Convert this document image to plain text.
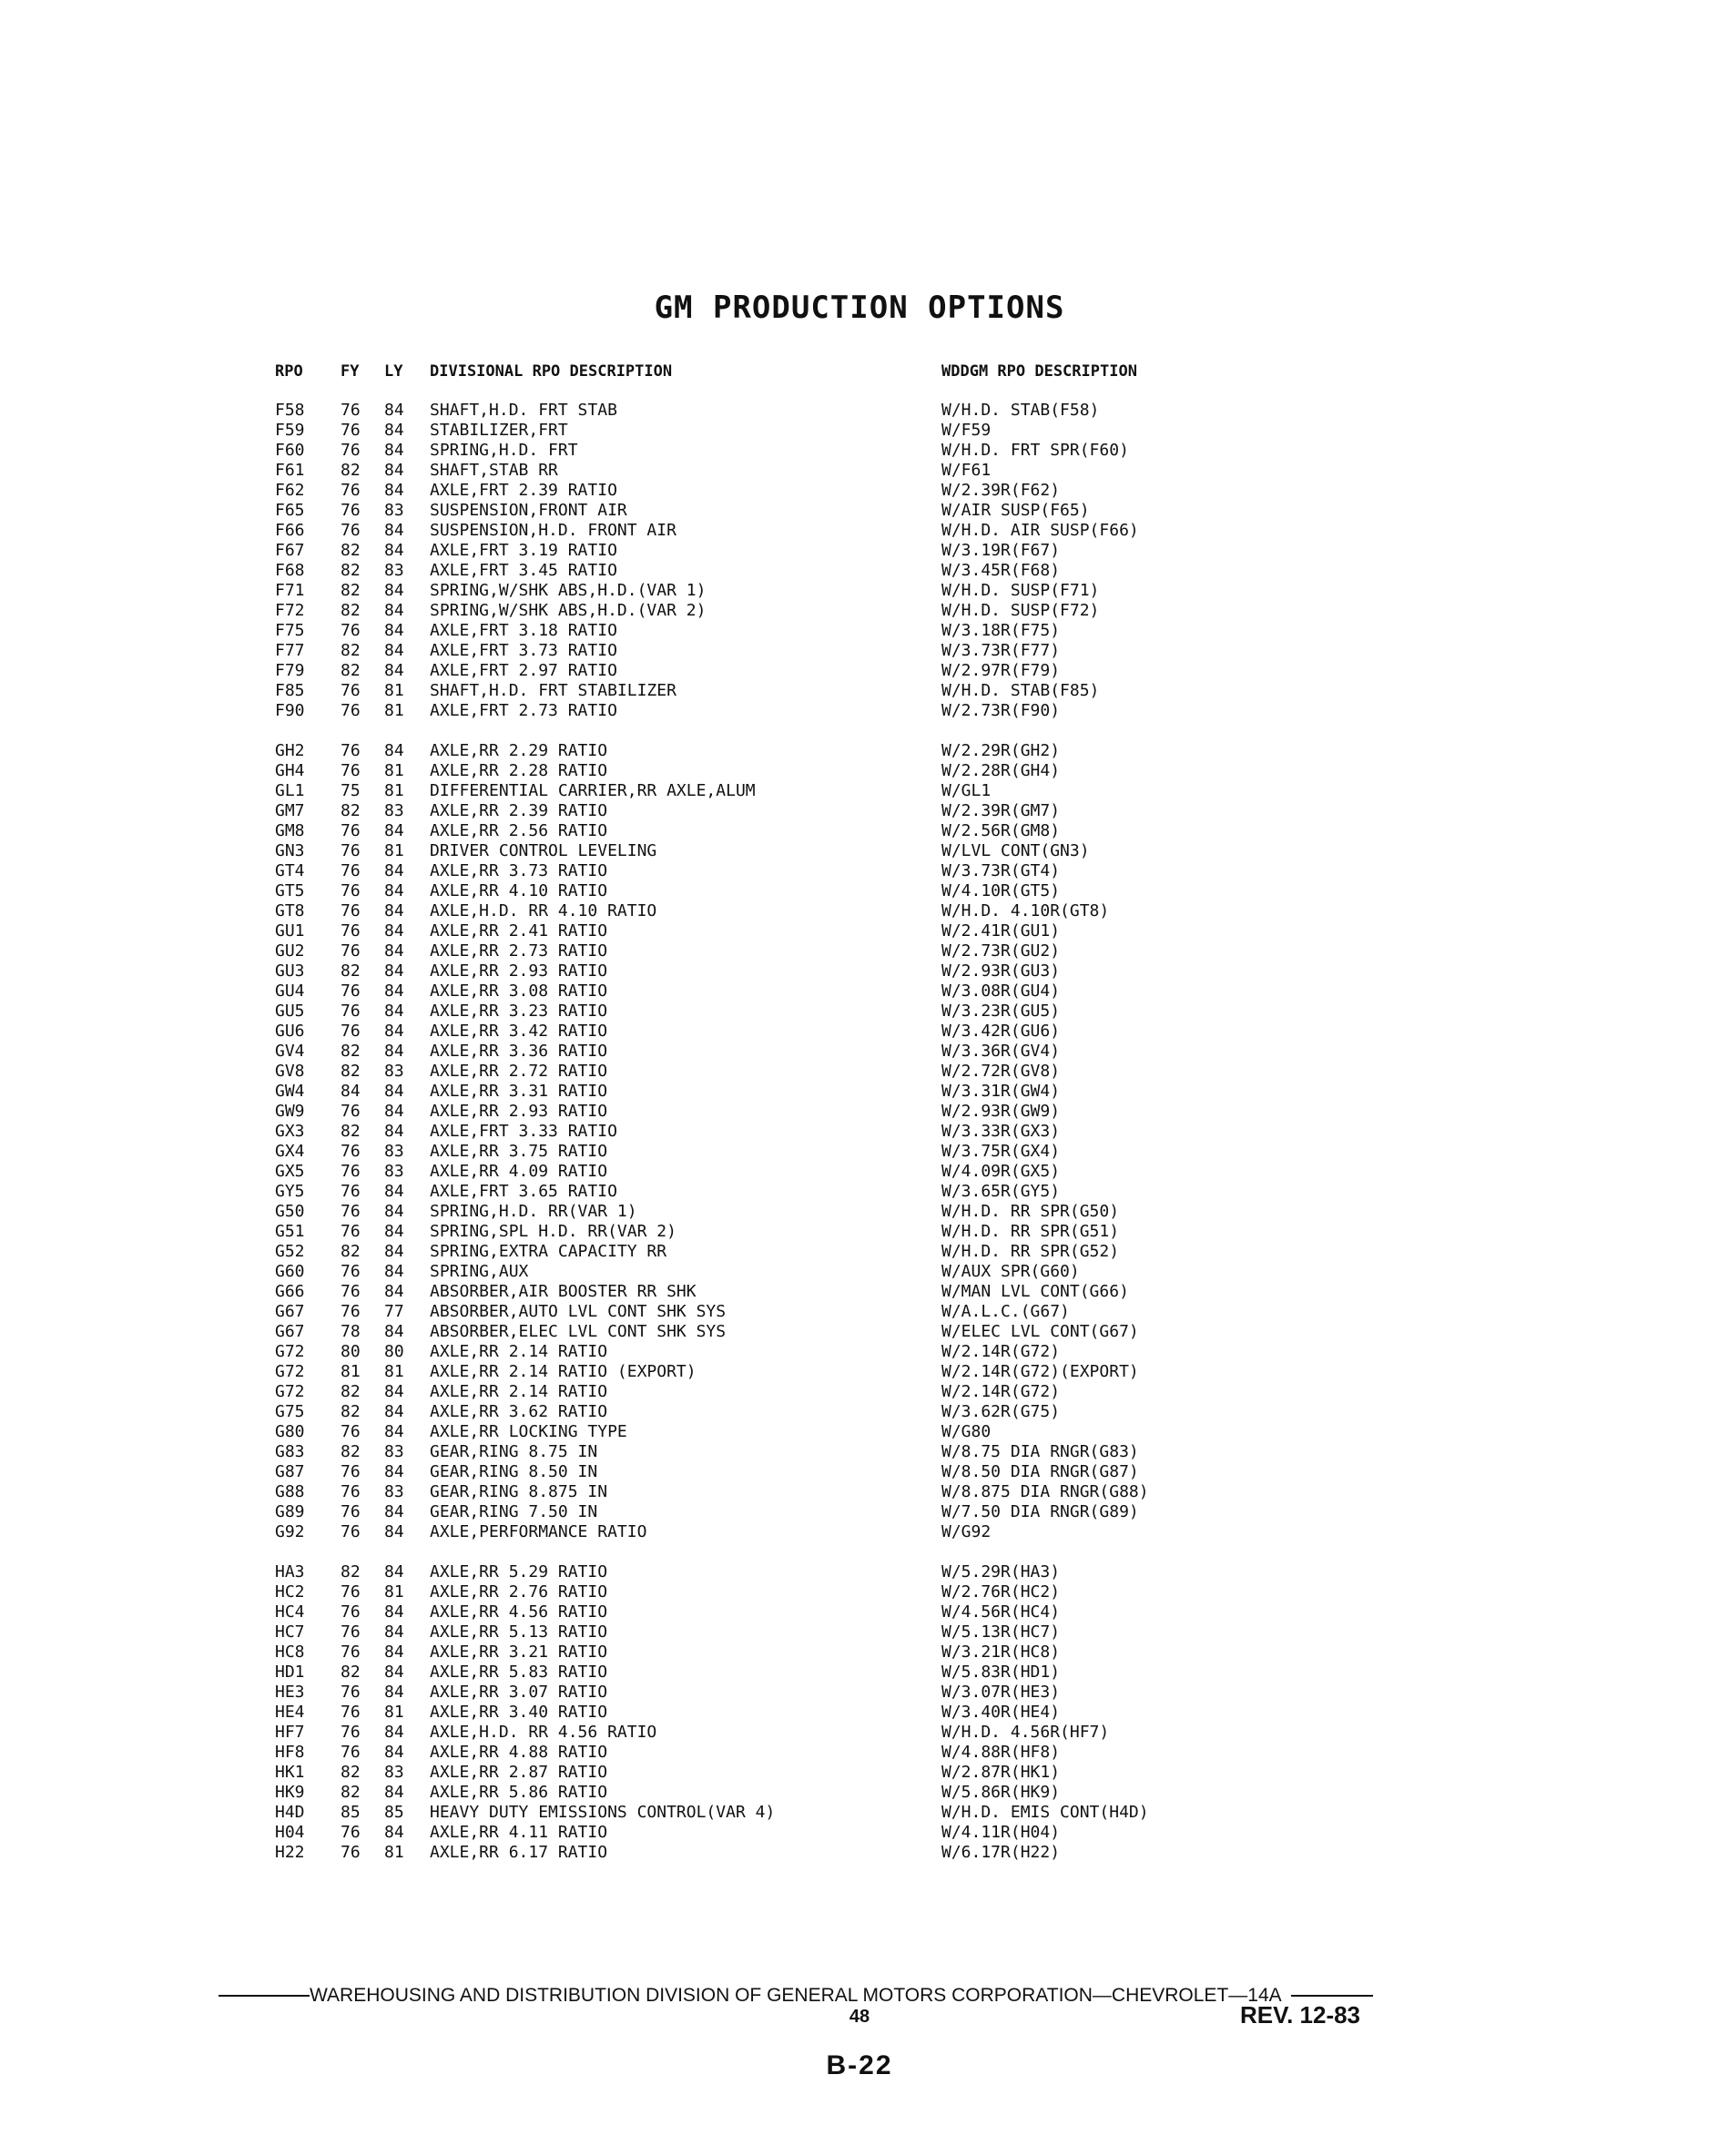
GM PRODUCTION OPTIONS
RPO FY LY DIVISIONAL RPO DESCRIPTION	WDDGM RPO DESCRIPTION
F58 76 84 SHAFT,H.D. FRT STAB	W/H.D. STAB(F58)
F59 76 84 STABILIZER,FRT	W/F59
F60 76 84 SPRING,H.D. FRT	W/H.D. FRT SPR(F60)
F61 82 84 SHAFT,STAB RR	W/F61
F62 76 84 AXLE,FRT 2.39 RATIO	W/2.39R(F62)
F65 76 83 SUSPENSION,FRONT AIR	W/AIR SUSP(F65)
F66 76 84 SUSPENSION,H.D. FRONT AIR	W/H.D. AIR SUSP(F66)
F67 82 84 AXLE,FRT 3.19 RATIO	W/3.19R(F67)
F68 82 83 AXLE,FRT 3.45 RATIO	W/3.45R(F68)
F71 82 84 SPRING,W/SHK ABS,H.D.(VAR 1)	W/H.D. SUSP(F71)
F72 82 84 SPRING,W/SHK ABS,H.D.(VAR 2)	W/H.D. SUSP(F72)
F75 76 84 AXLE,FRT 3.18 RATIO	W/3.18R(F75)
F77 82 84 AXLE,FRT 3.73 RATIO	W/3.73R(F77)
F79 82 84 AXLE,FRT 2.97 RATIO	W/2.97R(F79)
F85 76 81 SHAFT,H.D. FRT STABILIZER	W/H.D. STAB(F85)
F90 76 81 AXLE,FRT 2.73 RATIO	W/2.73R(F90)
GH2 76 84 AXLE,RR 2.29 RATIO	W/2.29R(GH2)
GH4 76 81 AXLE,RR 2.28 RATIO	W/2.28R(GH4)
GL1 75 81 DIFFERENTIAL CARRIER,RR AXLE,ALUM	W/GL1
GM7 82 83 AXLE,RR 2.39 RATIO	W/2.39R(GM7)
GM8 76 84 AXLE,RR 2.56 RATIO	W/2.56R(GM8)
GN3 76 81 DRIVER CONTROL LEVELING	W/LVL CONT(GN3)
GT4 76 84 AXLE,RR 3.73 RATIO	W/3.73R(GT4)
GT5 76 84 AXLE,RR 4.10 RATIO	W/4.10R(GT5)
GT8 76 84 AXLE,H.D. RR 4.10 RATIO	W/H.D. 4.10R(GT8)
GU1 76 84 AXLE,RR 2.41 RATIO	W/2.41R(GU1)
GU2 76 84 AXLE,RR 2.73 RATIO	W/2.73R(GU2)
GU3 82 84 AXLE,RR 2.93 RATIO	W/2.93R(GU3)
GU4 76 84 AXLE,RR 3.08 RATIO	W/3.08R(GU4)
GU5 76 84 AXLE,RR 3.23 RATIO	W/3.23R(GU5)
GU6 76 84 AXLE,RR 3.42 RATIO	W/3.42R(GU6)
GV4 82 84 AXLE,RR 3.36 RATIO	W/3.36R(GV4)
GV8 82 83 AXLE,RR 2.72 RATIO	W/2.72R(GV8)
GW4 84 84 AXLE,RR 3.31 RATIO	W/3.31R(GW4)
GW9 76 84 AXLE,RR 2.93 RATIO	W/2.93R(GW9)
GX3 82 84 AXLE,FRT 3.33 RATIO	W/3.33R(GX3)
GX4 76 83 AXLE,RR 3.75 RATIO	W/3.75R(GX4)
GX5 76 83 AXLE,RR 4.09 RATIO	W/4.09R(GX5)
GY5 76 84 AXLE,FRT 3.65 RATIO	W/3.65R(GY5)
G50 76 84 SPRING,H.D. RR(VAR 1)	W/H.D. RR SPR(G50)
G51 76 84 SPRING,SPL H.D. RR(VAR 2)	W/H.D. RR SPR(G51)
G52 82 84 SPRING,EXTRA CAPACITY RR	W/H.D. RR SPR(G52)
G60 76 84 SPRING,AUX	W/AUX SPR(G60)
G66 76 84 ABSORBER,AIR BOOSTER RR SHK	W/MAN LVL CONT(G66)
G67 76 77 ABSORBER,AUTO LVL CONT SHK SYS	W/A.L.C.(G67)
G67 78 84 ABSORBER,ELEC LVL CONT SHK SYS	W/ELEC LVL CONT(G67)
G72 80 80 AXLE,RR 2.14 RATIO	W/2.14R(G72)
G72 81 81 AXLE,RR 2.14 RATIO (EXPORT)	W/2.14R(G72)(EXPORT)
G72 82 84 AXLE,RR 2.14 RATIO	W/2.14R(G72)
G75 82 84 AXLE,RR 3.62 RATIO	W/3.62R(G75)
G80 76 84 AXLE,RR LOCKING TYPE	W/G80
G83 82 83 GEAR,RING 8.75 IN	W/8.75 DIA RNGR(G83)
G87 76 84 GEAR,RING 8.50 IN	W/8.50 DIA RNGR(G87)
G88 76 83 GEAR,RING 8.875 IN	W/8.875 DIA RNGR(G88)
G89 76 84 GEAR,RING 7.50 IN	W/7.50 DIA RNGR(G89)
G92 76 84 AXLE,PERFORMANCE RATIO	W/G92
HA3 82 84 AXLE,RR 5.29 RATIO	W/5.29R(HA3)
HC2 76 81 AXLE,RR 2.76 RATIO	W/2.76R(HC2)
HC4 76 84 AXLE,RR 4.56 RATIO	W/4.56R(HC4)
HC7 76 84 AXLE,RR 5.13 RATIO	W/5.13R(HC7)
HC8 76 84 AXLE,RR 3.21 RATIO	W/3.21R(HC8)
HD1 82 84 AXLE,RR 5.83 RATIO	W/5.83R(HD1)
HE3 76 84 AXLE,RR 3.07 RATIO	W/3.07R(HE3)
HE4 76 81 AXLE,RR 3.40 RATIO	W/3.40R(HE4)
HF7 76 84 AXLE,H.D. RR 4.56 RATIO	W/H.D. 4.56R(HF7)
HF8 76 84 AXLE,RR 4.88 RATIO	W/4.88R(HF8)
HK1 82 83 AXLE,RR 2.87 RATIO	W/2.87R(HK1)
HK9 82 84 AXLE,RR 5.86 RATIO	W/5.86R(HK9)
H4D 85 85 HEAVY DUTY EMISSIONS CONTROL(VAR 4)	W/H.D. EMIS CONT(H4D)
H04 76 84 AXLE,RR 4.11 RATIO	W/4.11R(H04)
H22 76 81 AXLE,RR 6.17 RATIO	W/6.17R(H22)
WAREHOUSING AND DISTRIBUTION DIVISION OF GENERAL MOTORS CORPORATION—CHEVROLET—14A
REV. 12-83
48
B-22
